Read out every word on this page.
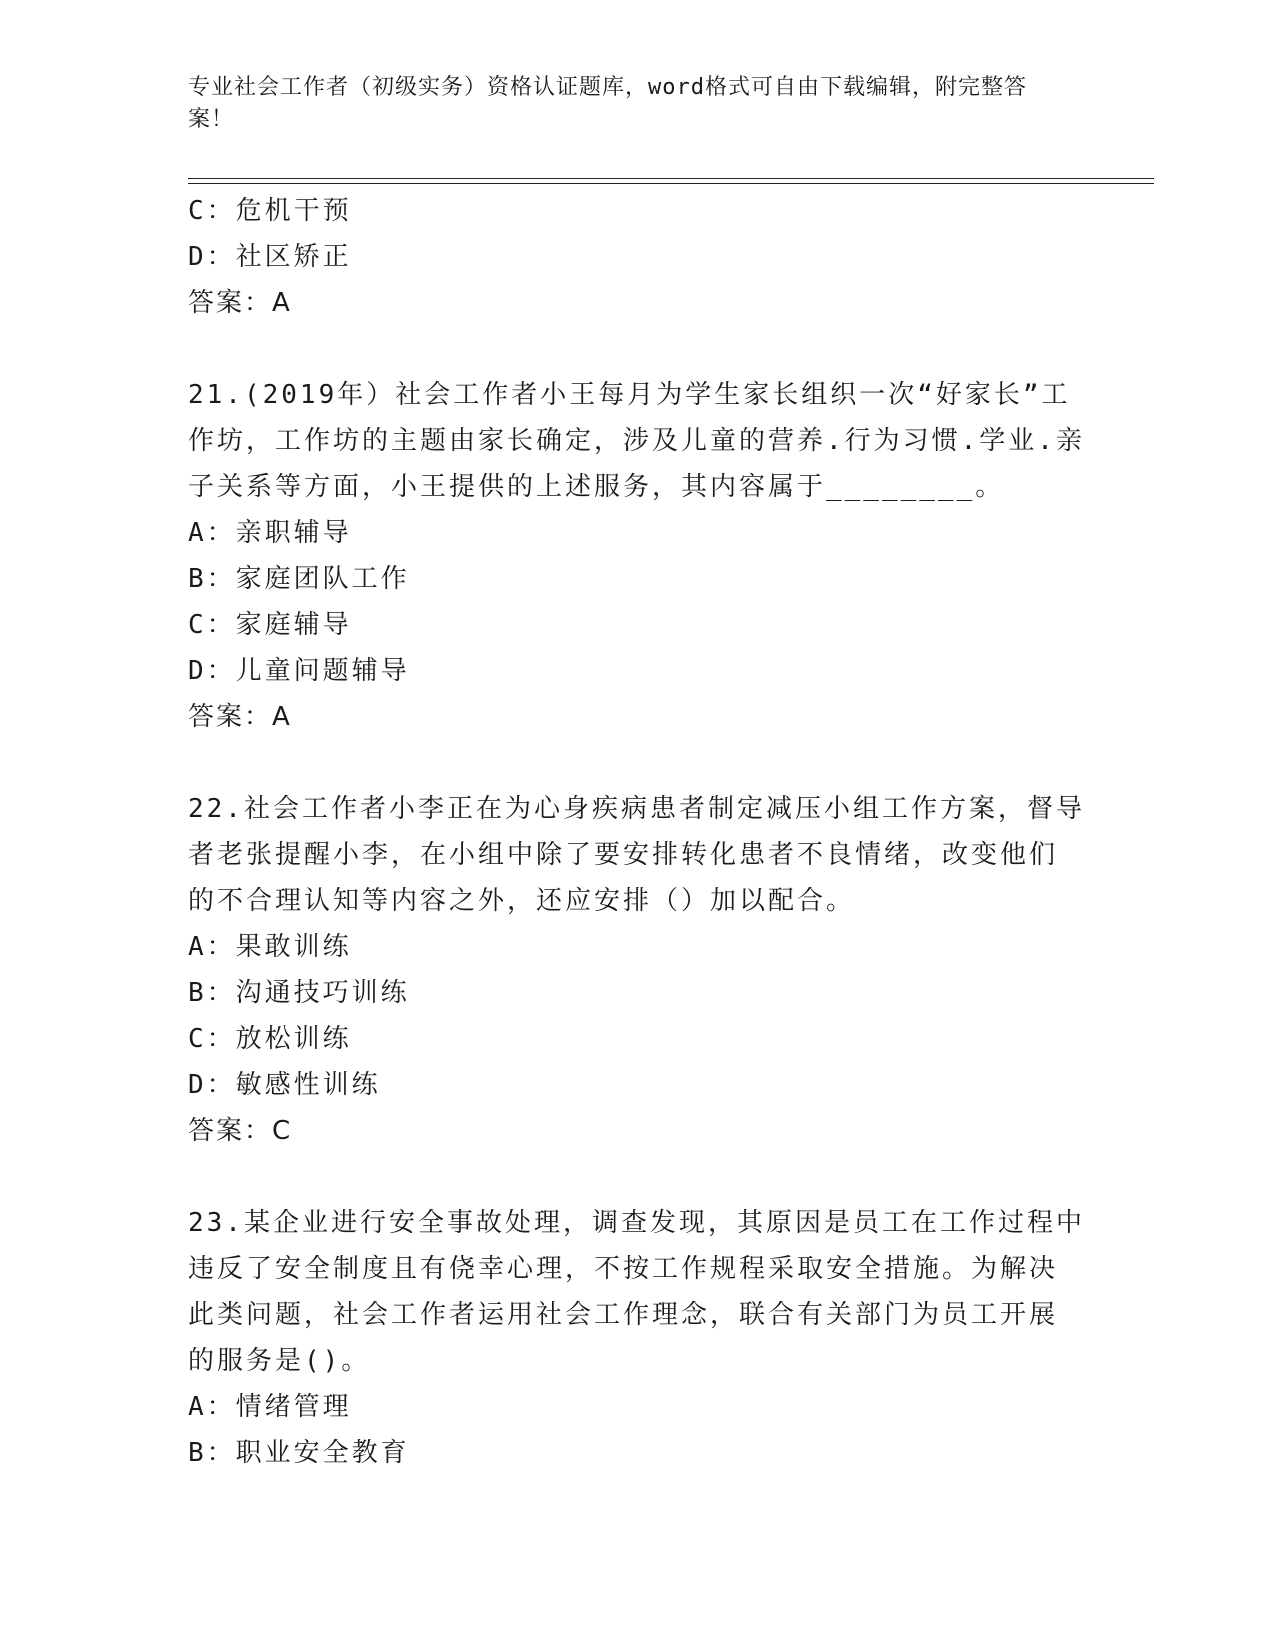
专业社会工作者（初级实务）资格认证题库，word格式可自由下载编辑，附完整答案！
C：危机干预
D：社区矫正
答案：A
21.(2019年）社会工作者小王每月为学生家长组织一次“好家长”工
作坊，工作坊的主题由家长确定，涉及儿童的营养.行为习惯.学业.亲
子关系等方面，小王提供的上述服务，其内容属于________。
A：亲职辅导
B：家庭团队工作
C：家庭辅导
D：儿童问题辅导
答案：A
22.社会工作者小李正在为心身疾病患者制定减压小组工作方案，督导
者老张提醒小李，在小组中除了要安排转化患者不良情绪，改变他们
的不合理认知等内容之外，还应安排（）加以配合。
A：果敢训练
B：沟通技巧训练
C：放松训练
D：敏感性训练
答案：C
23.某企业进行安全事故处理，调查发现，其原因是员工在工作过程中
违反了安全制度且有侥幸心理，不按工作规程采取安全措施。为解决
此类问题，社会工作者运用社会工作理念，联合有关部门为员工开展
的服务是()。
A：情绪管理
B：职业安全教育
